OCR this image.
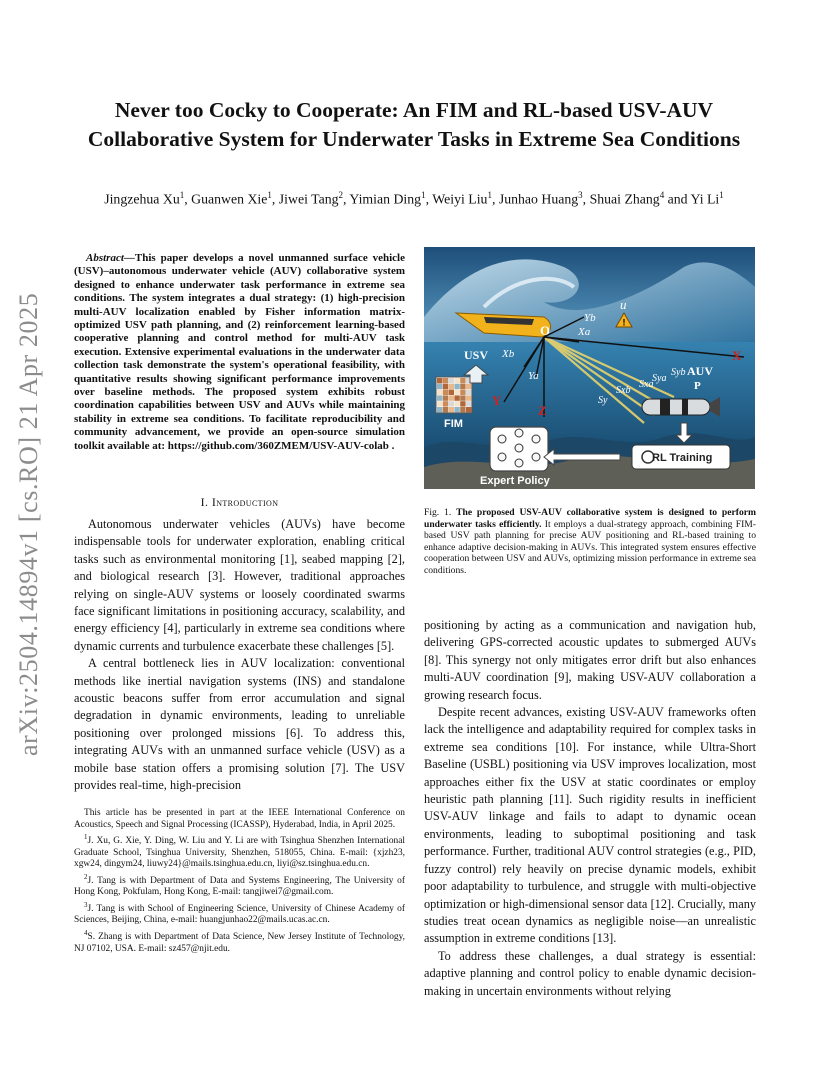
arXiv:2504.14894v1 [cs.RO] 21 Apr 2025
Never too Cocky to Cooperate: An FIM and RL-based USV-AUV Collaborative System for Underwater Tasks in Extreme Sea Conditions
Jingzehua Xu$^1$, Guanwen Xie$^1$, Jiwei Tang$^2$, Yimian Ding$^1$, Weiyi Liu$^1$, Junhao Huang$^3$, Shuai Zhang$^4$ and Yi Li$^1$
Abstract—This paper develops a novel unmanned surface vehicle (USV)–autonomous underwater vehicle (AUV) collaborative system designed to enhance underwater task performance in extreme sea conditions. The system integrates a dual strategy: (1) high-precision multi-AUV localization enabled by Fisher information matrix-optimized USV path planning, and (2) reinforcement learning-based cooperative planning and control method for multi-AUV task execution. Extensive experimental evaluations in the underwater data collection task demonstrate the system's operational feasibility, with quantitative results showing significant performance improvements over baseline methods. The proposed system exhibits robust coordination capabilities between USV and AUVs while maintaining stability in extreme sea conditions. To facilitate reproducibility and community advancement, we provide an open-source simulation toolkit available at: https://github.com/360ZMEM/USV-AUV-colab .
I. Introduction

Autonomous underwater vehicles (AUVs) have become indispensable tools for underwater exploration, enabling critical tasks such as environmental monitoring [1], seabed mapping [2], and biological research [3]. However, traditional approaches relying on single-AUV systems or loosely coordinated swarms face significant limitations in positioning accuracy, scalability, and energy efficiency [4], particularly in extreme sea conditions where dynamic currents and turbulence exacerbate these challenges [5].

A central bottleneck lies in AUV localization: conventional methods like inertial navigation systems (INS) and standalone acoustic beacons suffer from error accumulation and signal degradation in dynamic environments, leading to unreliable positioning over prolonged missions [6]. To address this, integrating AUVs with an unmanned surface vehicle (USV) as a mobile base station offers a promising solution [7]. The USV provides real-time, high-precision

This article has be presented in part at the IEEE International Conference on Acoustics, Speech and Signal Processing (ICASSP), Hyderabad, India, in April 2025.

$^1$J. Xu, G. Xie, Y. Ding, W. Liu and Y. Li are with Tsinghua Shenzhen International Graduate School, Tsinghua University, Shenzhen, 518055, China. E-mail: {xjzh23, xgw24, dingym24, liuwy24}@mails.tsinghua.edu.cn, liyi@sz.tsinghua.edu.cn.

$^2$J. Tang is with Department of Data and Systems Engineering, The University of Hong Kong, Pokfulam, Hong Kong, E-mail: tangjiwei7@gmail.com.

$^3$J. Tang is with School of Engineering Science, University of Chinese Academy of Sciences, Beijing, China, e-mail: huangjunhao22@mails.ucas.ac.cn.

$^4$S. Zhang is with Department of Data Science, New Jersey Institute of Technology, NJ 07102, USA. E-mail: sz457@njit.edu.

!
USV
AUV
FIM
RL Training
Expert Policy
u
O	Xa
Xb
Ya
Yb
X
Y
Z
P
Syb
Sya
Sxb
Sxa
Sy
Fig. 1. The proposed USV-AUV collaborative system is designed to perform underwater tasks efficiently. It employs a dual-strategy approach, combining FIM-based USV path planning for precise AUV positioning and RL-based training to enhance adaptive decision-making in AUVs. This integrated system ensures effective cooperation between USV and AUVs, optimizing mission performance in extreme sea conditions.

positioning by acting as a communication and navigation hub, delivering GPS-corrected acoustic updates to submerged AUVs [8]. This synergy not only mitigates error drift but also enhances multi-AUV coordination [9], making USV-AUV collaboration a growing research focus.

Despite recent advances, existing USV-AUV frameworks often lack the intelligence and adaptability required for complex tasks in extreme sea conditions [10]. For instance, while Ultra-Short Baseline (USBL) positioning via USV improves localization, most approaches either fix the USV at static coordinates or employ heuristic path planning [11]. Such rigidity results in inefficient USV-AUV linkage and fails to adapt to dynamic ocean environments, leading to suboptimal positioning and task performance. Further, traditional AUV control strategies (e.g., PID, fuzzy control) rely heavily on precise dynamic models, exhibit poor adaptability to turbulence, and struggle with multi-objective optimization or high-dimensional sensor data [12]. Crucially, many studies treat ocean dynamics as negligible noise—an unrealistic assumption in extreme conditions [13].

To address these challenges, a dual strategy is essential: adaptive planning and control policy to enable dynamic decision-making in uncertain environments without relying
